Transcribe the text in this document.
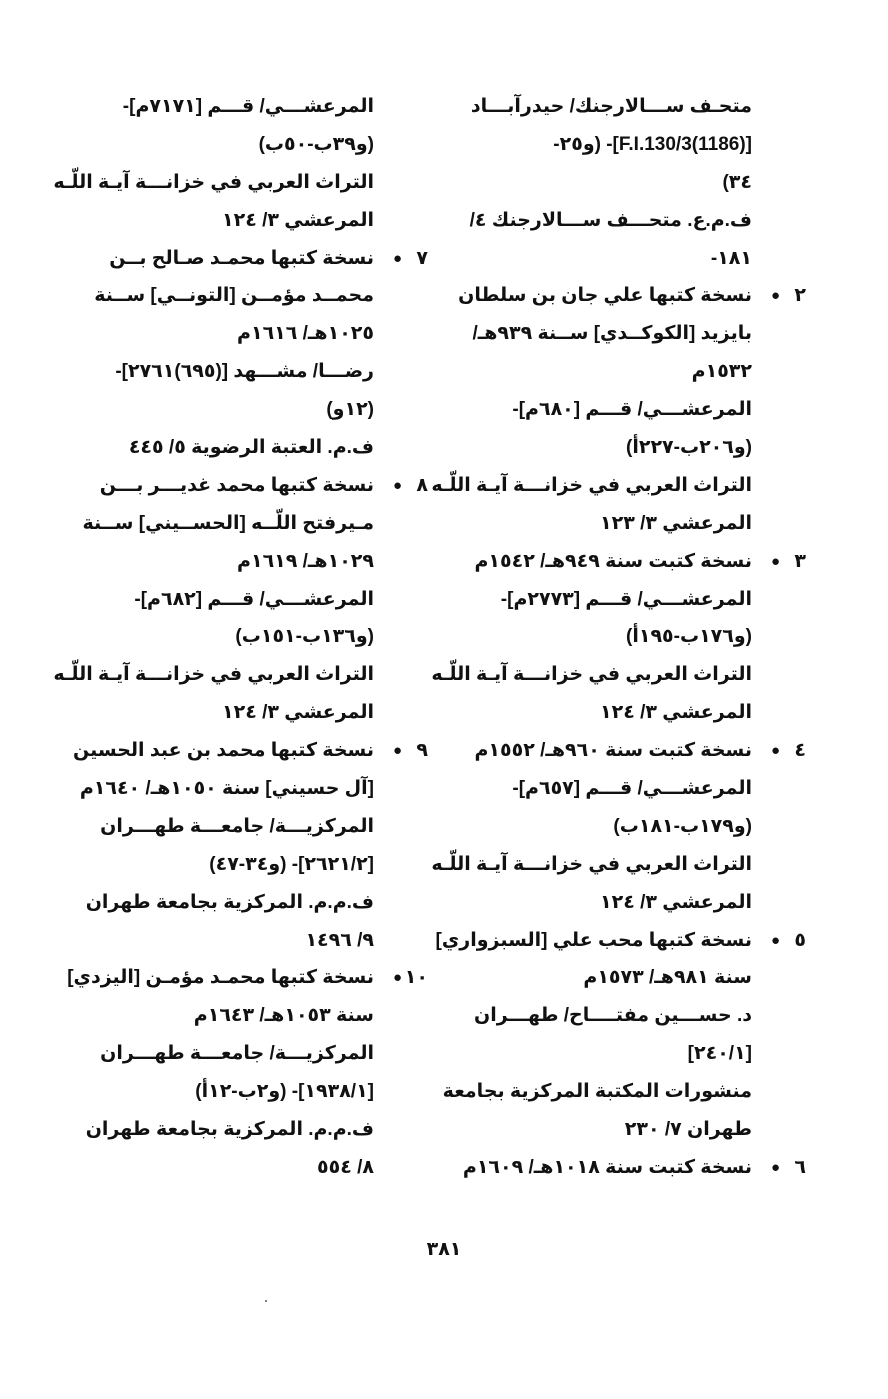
متحـف ســـالارجنك/ حيدرآبـــاد
[(1186)F.I.130/3]- (و٢٥-
٣٤)
ف.م.ع. متحـــف ســـالارجنك ٤/
١٨١-
٢
●
نسخة كتبها علي جان بن سلطان
بايزيد [الكوكــدي] ســنة ٩٣٩هـ/
١٥٣٢م
المرعشـــي/ قـــم [٦٨٠م]-
(و٢٠٦ب-٢٢٧أ)
التراث العربي في خزانـــة آيـة اللّـه
المرعشي ٣/ ١٢٣
٣
●
نسخة كتبت سنة ٩٤٩هـ/ ١٥٤٢م
المرعشـــي/ قـــم [٢٧٧٣م]-
(و١٧٦ب-١٩٥أ)
التراث العربي في خزانـــة آيـة اللّـه
المرعشي ٣/ ١٢٤
٤
●
نسخة كتبت سنة ٩٦٠هـ/ ١٥٥٢م
المرعشـــي/ قـــم [٦٥٧م]-
(و١٧٩ب-١٨١ب)
التراث العربي في خزانـــة آيـة اللّـه
المرعشي ٣/ ١٢٤
٥
●
نسخة كتبها محب علي [السبزواري]
سنة ٩٨١هـ/ ١٥٧٣م
د. حســـين مفتــــاح/ طهـــران
[٢٤٠/١]
منشورات المكتبة المركزية بجامعة
طهران ٧/ ٢٣٠
٦
●
نسخة كتبت سنة ١٠١٨هـ/ ١٦٠٩م
المرعشـــي/ قـــم [٧١٧١م]-
(و٣٩ب-٥٠ب)
التراث العربي في خزانـــة آيـة اللّـه
المرعشي ٣/ ١٢٤
٧
●
نسخة كتبها محمـد صـالح بــن
محمــد مؤمــن [التونــي] ســنة
١٠٢٥هـ/ ١٦١٦م
رضـــا/ مشـــهد [(٦٩٥)٢٧٦١]-
(١٢و)
ف.م. العتبة الرضوية ٥/ ٤٤٥
٨
●
نسخة كتبها محمد غديـــر بـــن
مـيرفتح اللّــه [الحســيني] ســنة
١٠٢٩هـ/ ١٦١٩م
المرعشـــي/ قـــم [٦٨٢م]-
(و١٣٦ب-١٥١ب)
التراث العربي في خزانـــة آيـة اللّـه
المرعشي ٣/ ١٢٤
٩
●
نسخة كتبها محمد بن عبد الحسين
[آل حسيني] سنة ١٠٥٠هـ/ ١٦٤٠م
المركزيـــة/ جامعـــة طهـــران
[٢٦٢١/٢]- (و٣٤-٤٧)
ف.م.م. المركزية بجامعة طهران
٩/ ١٤٩٦
١٠
●
نسخة كتبها محمـد مؤمـن [اليزدي]
سنة ١٠٥٣هـ/ ١٦٤٣م
المركزيـــة/ جامعـــة طهـــران
[١٩٣٨/١]- (و٢ب-١٢أ)
ف.م.م. المركزية بجامعة طهران
٨/ ٥٥٤
٣٨١
